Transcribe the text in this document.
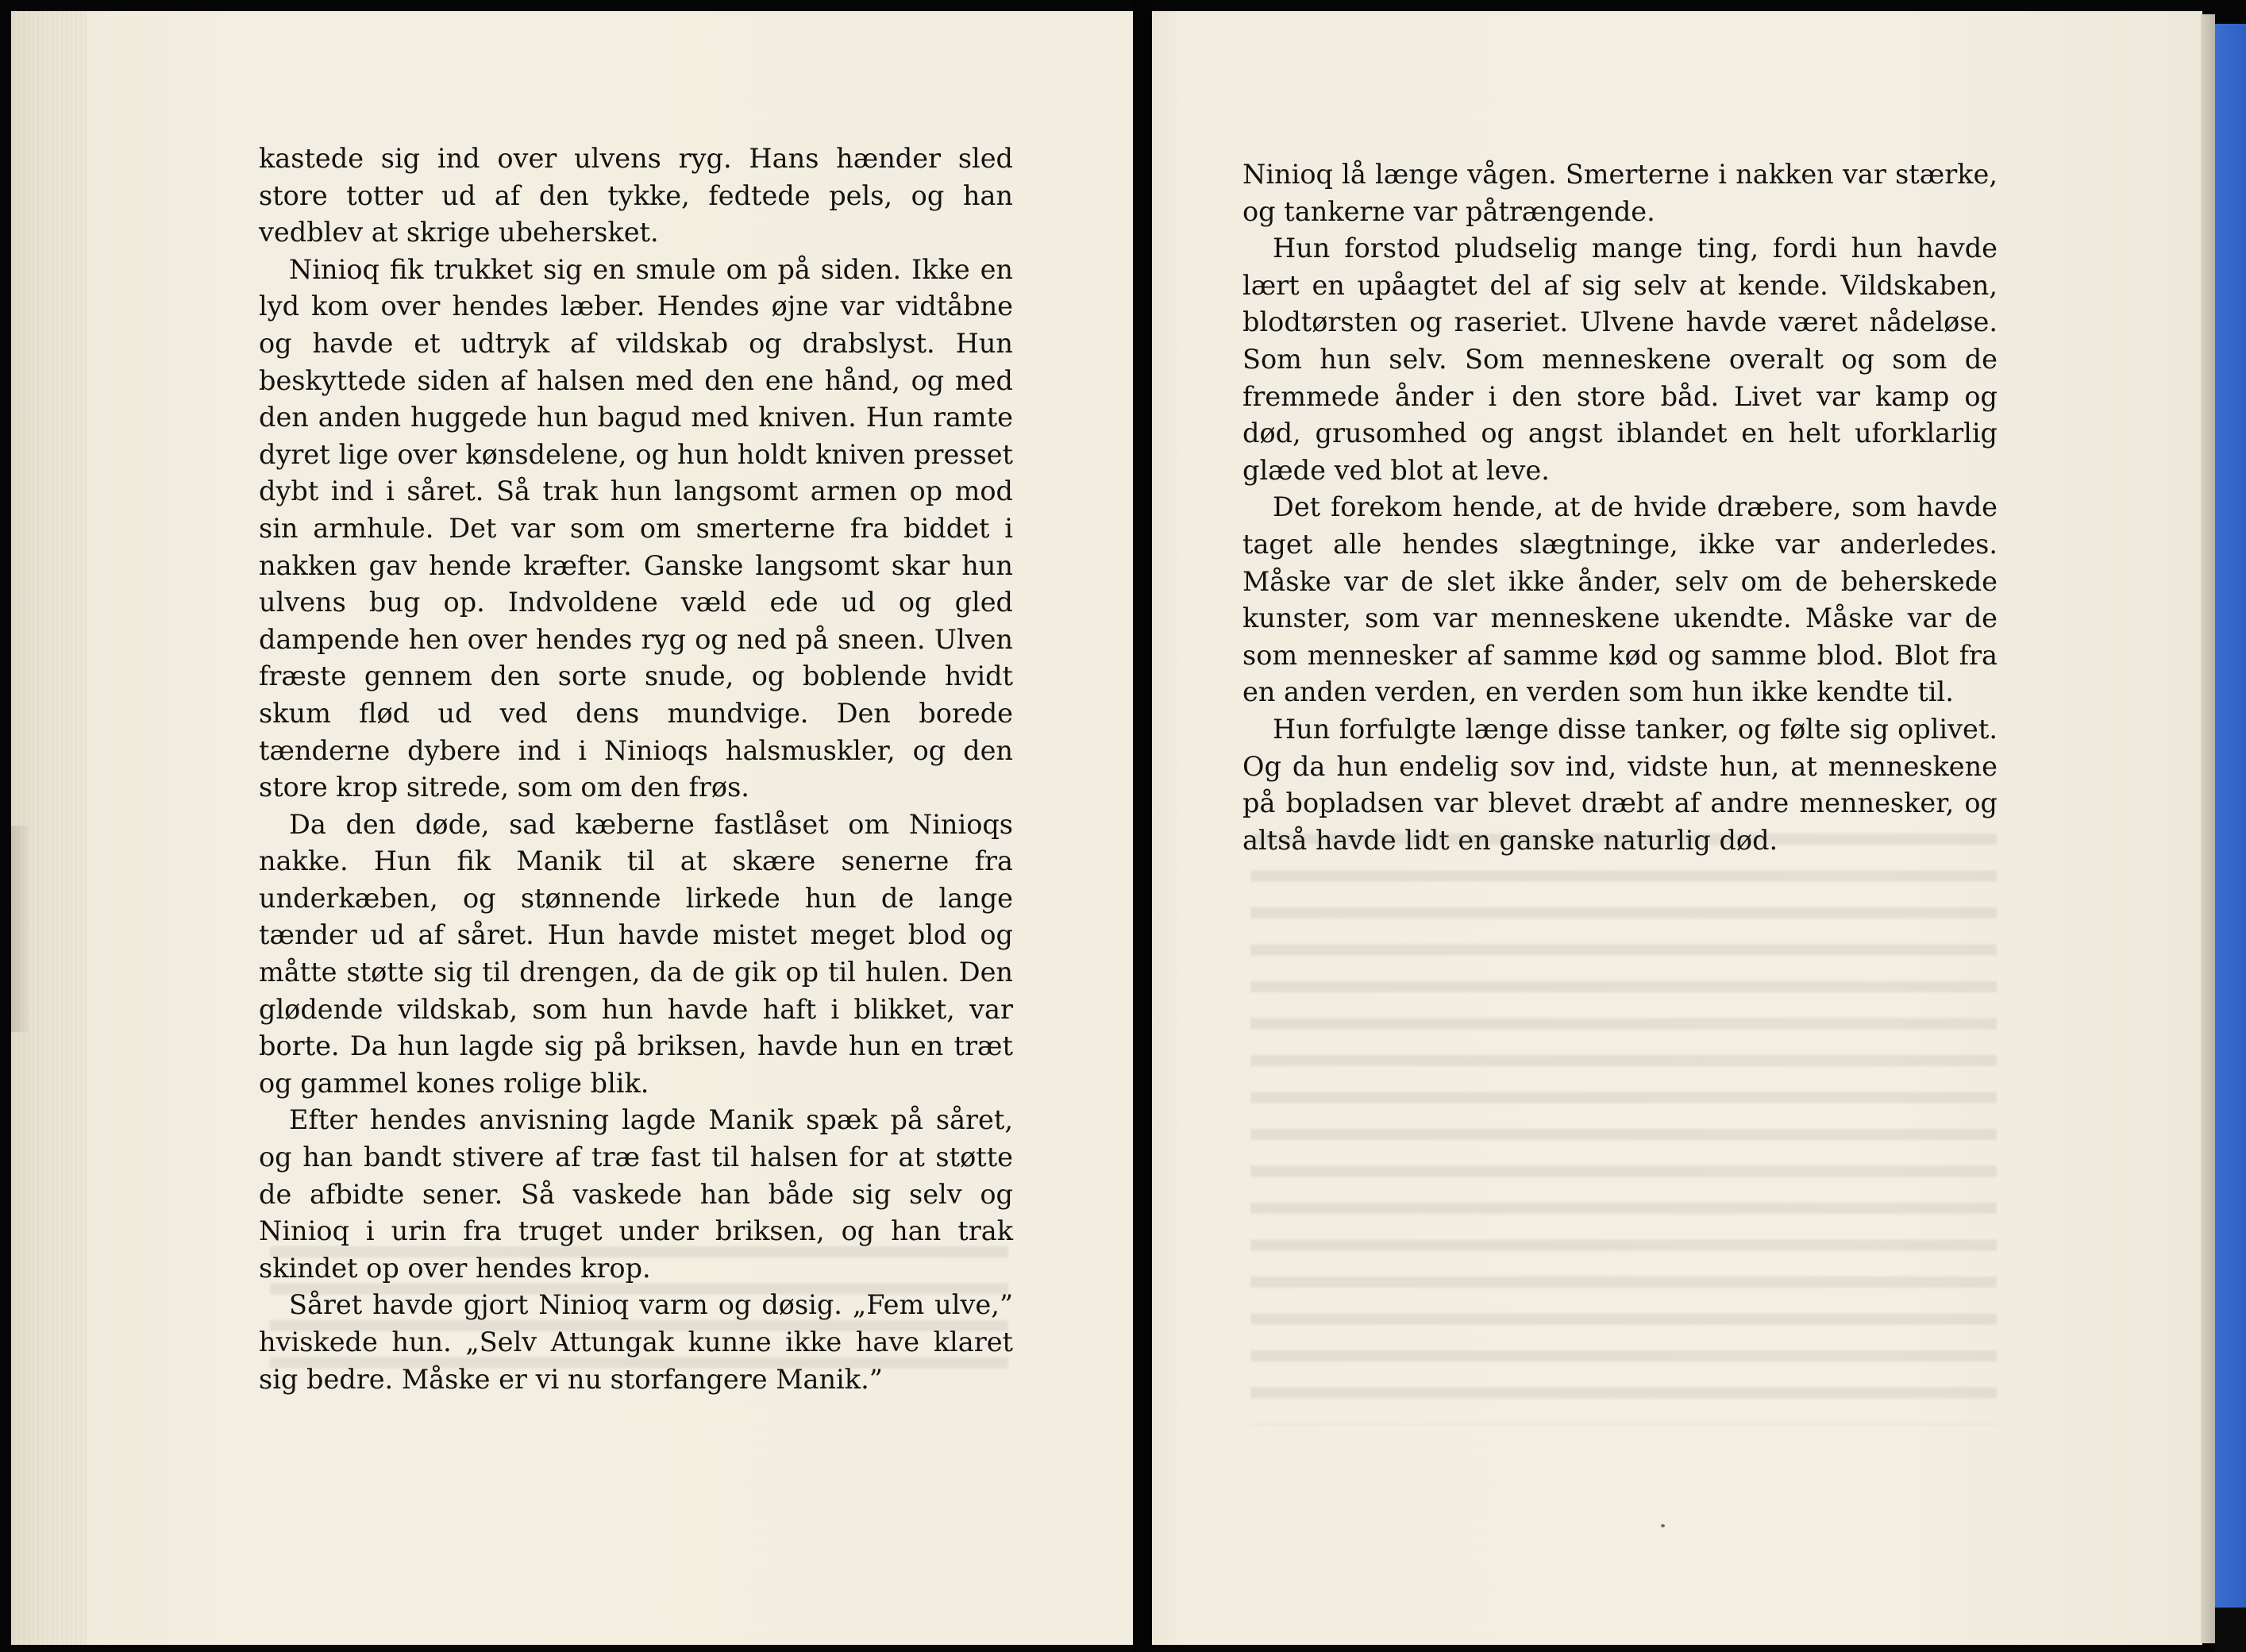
kastede sig ind over ulvens ryg. Hans hænder sled store totter ud af den tykke, fedtede pels, og han vedblev at skrige ubehersket.

Ninioq fik trukket sig en smule om på siden. Ikke en lyd kom over hendes læber. Hendes øjne var vidtåbne og havde et udtryk af vildskab og drabslyst. Hun beskyttede siden af halsen med den ene hånd, og med den anden huggede hun bagud med kniven. Hun ramte dyret lige over kønsdelene, og hun holdt kniven presset dybt ind i såret. Så trak hun langsomt armen op mod sin armhule. Det var som om smerterne fra biddet i nakken gav hende kræfter. Ganske langsomt skar hun ulvens bug op. Indvoldene væld ede ud og gled dampende hen over hendes ryg og ned på sneen. Ulven fræste gennem den sorte snude, og boblende hvidt skum flød ud ved dens mundvige. Den borede tænderne dybere ind i Ninioqs halsmuskler, og den store krop sitrede, som om den frøs.

Da den døde, sad kæberne fastlåset om Ninioqs nakke. Hun fik Manik til at skære senerne fra underkæben, og stønnende lirkede hun de lange tænder ud af såret. Hun havde mistet meget blod og måtte støtte sig til drengen, da de gik op til hulen. Den glødende vildskab, som hun havde haft i blikket, var borte. Da hun lagde sig på briksen, havde hun en træt og gammel kones rolige blik.

Efter hendes anvisning lagde Manik spæk på såret, og han bandt stivere af træ fast til halsen for at støtte de afbidte sener. Så vaskede han både sig selv og Ninioq i urin fra truget under briksen, og han trak skindet op over hendes krop.

Såret havde gjort Ninioq varm og døsig. „Fem ulve,” hviskede hun. „Selv Attungak kunne ikke have klaret sig bedre. Måske er vi nu storfangere Manik.”

Ninioq lå længe vågen. Smerterne i nakken var stærke, og tankerne var påtrængende.

Hun forstod pludselig mange ting, fordi hun havde lært en upåagtet del af sig selv at kende. Vildskaben, blodtørsten og raseriet. Ulvene havde været nådeløse. Som hun selv. Som menneskene overalt og som de fremmede ånder i den store båd. Livet var kamp og død, grusomhed og angst iblandet en helt uforklarlig glæde ved blot at leve.

Det forekom hende, at de hvide dræbere, som havde taget alle hendes slægtninge, ikke var anderledes. Måske var de slet ikke ånder, selv om de beherskede kunster, som var menneskene ukendte. Måske var de som mennesker af samme kød og samme blod. Blot fra en anden verden, en verden som hun ikke kendte til.

Hun forfulgte længe disse tanker, og følte sig oplivet. Og da hun endelig sov ind, vidste hun, at menneskene på bopladsen var blevet dræbt af andre mennesker, og altså havde lidt en ganske naturlig død.
